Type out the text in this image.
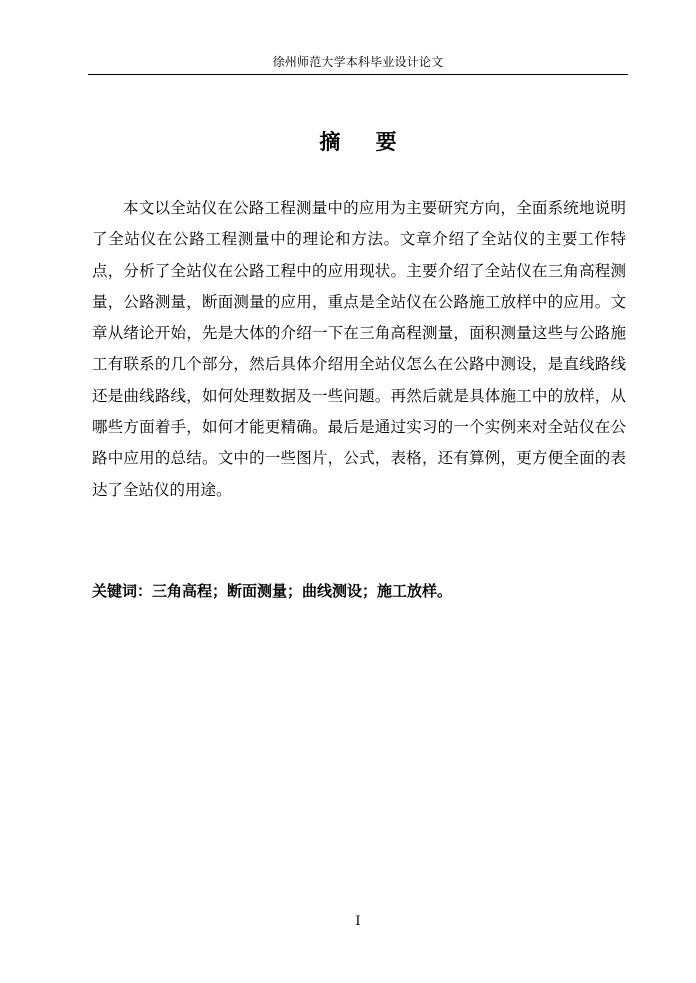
徐州师范大学本科毕业设计论文
摘 要

本文以全站仪在公路工程测量中的应用为主要研究方向，全面系统地说明了全站仪在公路工程测量中的理论和方法。文章介绍了全站仪的主要工作特点，分析了全站仪在公路工程中的应用现状。主要介绍了全站仪在三角高程测量，公路测量，断面测量的应用，重点是全站仪在公路施工放样中的应用。文章从绪论开始，先是大体的介绍一下在三角高程测量，面积测量这些与公路施工有联系的几个部分，然后具体介绍用全站仪怎么在公路中测设，是直线路线还是曲线路线，如何处理数据及一些问题。再然后就是具体施工中的放样，从哪些方面着手，如何才能更精确。最后是通过实习的一个实例来对全站仪在公路中应用的总结。文中的一些图片，公式，表格，还有算例，更方便全面的表达了全站仪的用途。

关键词：三角高程；断面测量；曲线测设；施工放样。
I
